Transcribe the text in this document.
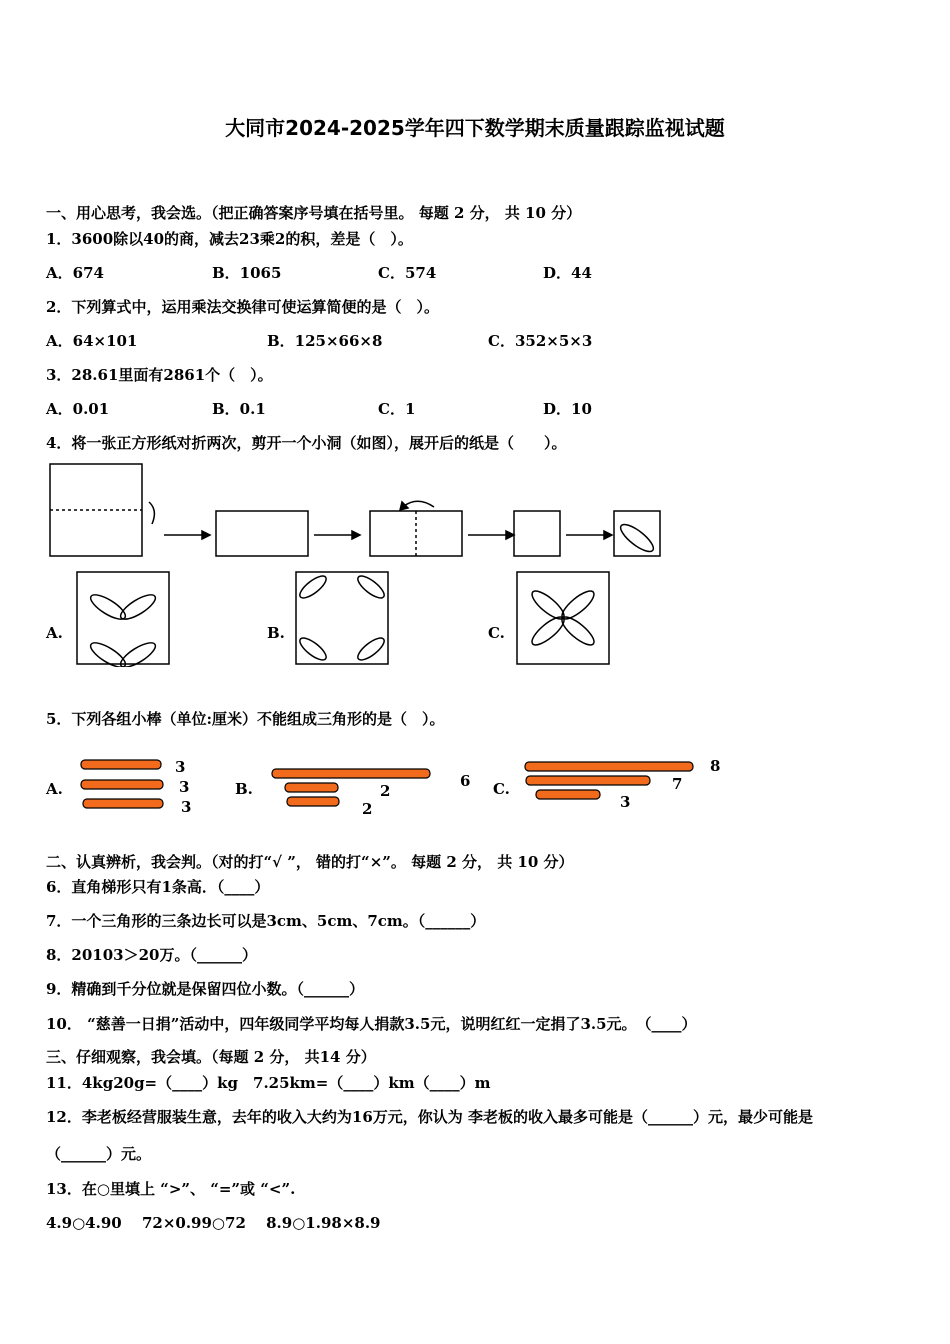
大同市2024-2025学年四下数学期末质量跟踪监视试题
一、用心思考，我会选。（把正确答案序号填在括号里。 每题 2 分， 共 10 分）
1．3600除以40的商，减去23乘2的积，差是（　）。
A．674	B．1065	C．574	D．44
2．下列算式中，运用乘法交换律可使运算简便的是（　）。
A．64×101	B．125×66×8	C．352×5×3
3．28.61里面有2861个（　）。
A．0.01	B．0.1	C．1	D．10
4．将一张正方形纸对折两次，剪开一个小洞（如图），展开后的纸是（　　）。
A.	B.	C.
5．下列各组小棒（单位:厘米）不能组成三角形的是（　）。
A.
3
3
3
B.	6
2
2
C.
8
7
3
二、认真辨析，我会判。（对的打“√ ”， 错的打“×”。 每题 2 分， 共 10 分）
6．直角梯形只有1条高．（____）
7．一个三角形的三条边长可以是3cm、5cm、7cm。（______）
8．20103＞20万。（______）
9．精确到千分位就是保留四位小数。（______）
10． “慈善一日捐”活动中，四年级同学平均每人捐款3.5元，说明红红一定捐了3.5元。　（____）
三、仔细观察，我会填。（每题 2 分， 共14 分）
11．4kg20g=（____）kg　7.25km=（____）km（____）m
12．李老板经营服装生意，去年的收入大约为16万元，你认为 李老板的收入最多可能是（______）元，最少可能是
（______）元。
13．在○里填上 “>”、 “=”或 “<”.
4.9○4.90　 72×0.99○72　 8.9○1.98×8.9
